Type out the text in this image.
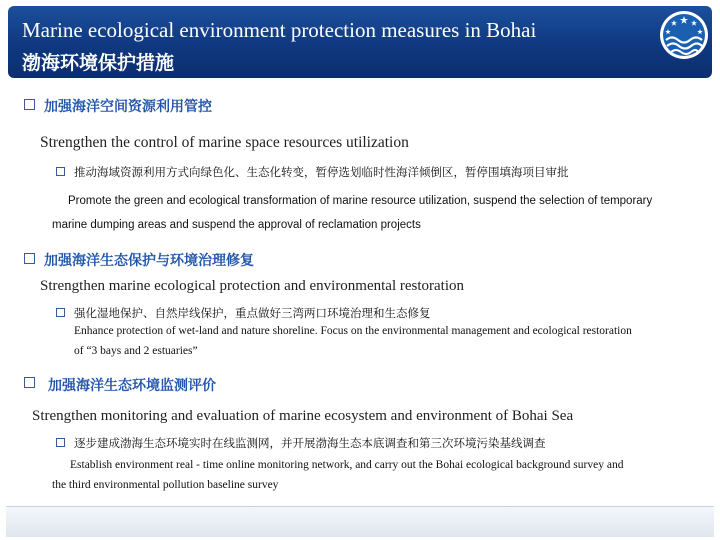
Marine ecological environment protection measures in Bohai
渤海环境保护措施
加强海洋空间资源利用管控
Strengthen the control of marine space resources utilization
推动海域资源利用方式向绿色化、生态化转变，暂停选划临时性海洋倾倒区，暂停围填海项目审批
Promote the green and ecological transformation of marine resource utilization, suspend the selection of temporary
marine dumping areas and suspend the approval of reclamation projects
加强海洋生态保护与环境治理修复
Strengthen marine ecological protection and environmental restoration
强化湿地保护、自然岸线保护，重点做好三湾两口环境治理和生态修复
Enhance protection of wet-land and nature shoreline. Focus on the environmental management and ecological restoration
of “3 bays and 2 estuaries”
加强海洋生态环境监测评价
Strengthen monitoring and evaluation of marine ecosystem and environment of Bohai Sea
逐步建成渤海生态环境实时在线监测网，并开展渤海生态本底调查和第三次环境污染基线调查
Establish environment real - time online monitoring network, and carry out the Bohai ecological background survey and
the third environmental pollution baseline survey
